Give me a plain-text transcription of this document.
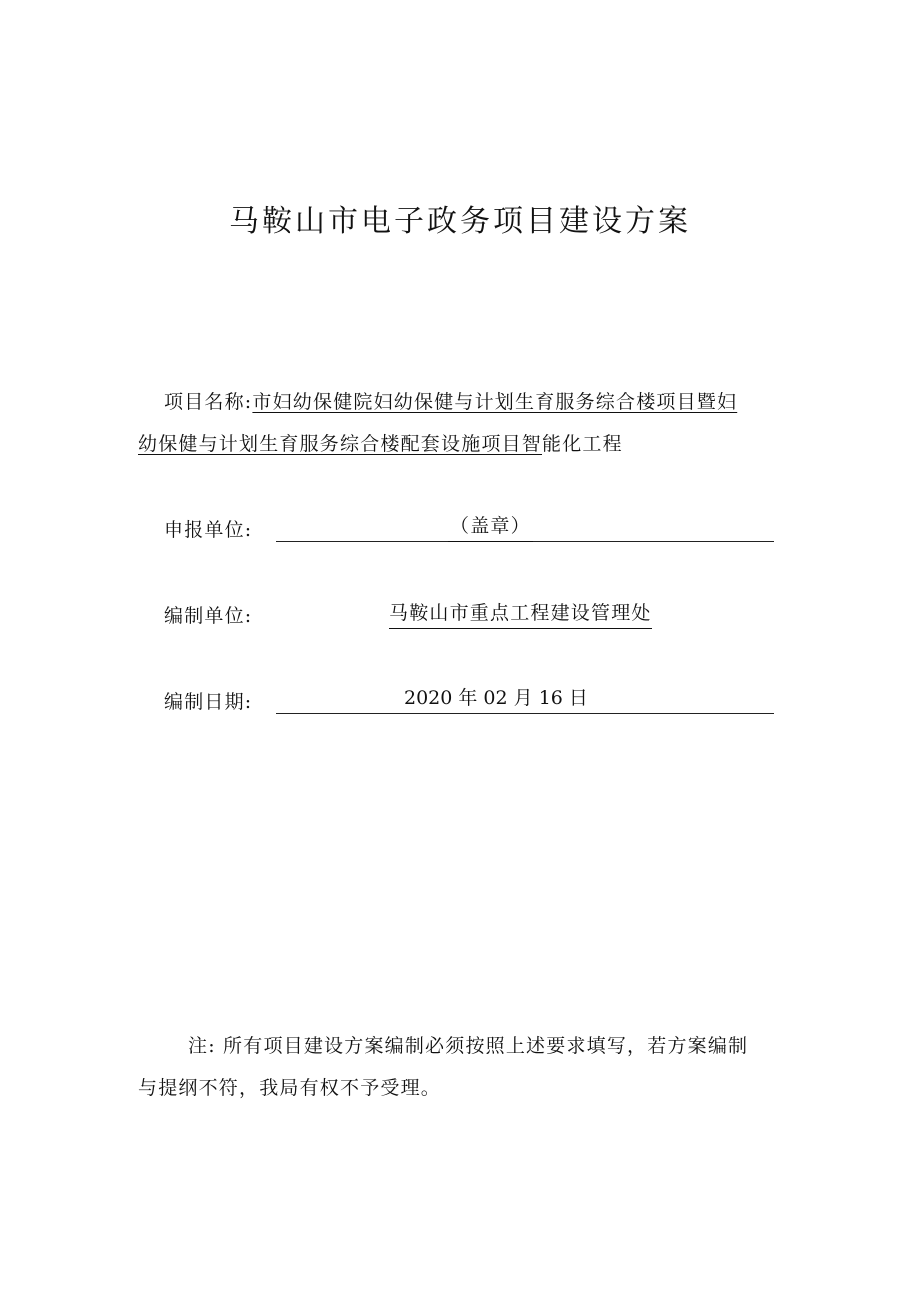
马鞍山市电子政务项目建设方案

项目名称:市妇幼保健院妇幼保健与计划生育服务综合楼项目暨妇
幼保健与计划生育服务综合楼配套设施项目智能化工程

申报单位:	（盖章）
编制单位:	马鞍山市重点工程建设管理处
编制日期:	2020 年 02 月 16 日

注: 所有项目建设方案编制必须按照上述要求填写，若方案编制
与提纲不符，我局有权不予受理。
